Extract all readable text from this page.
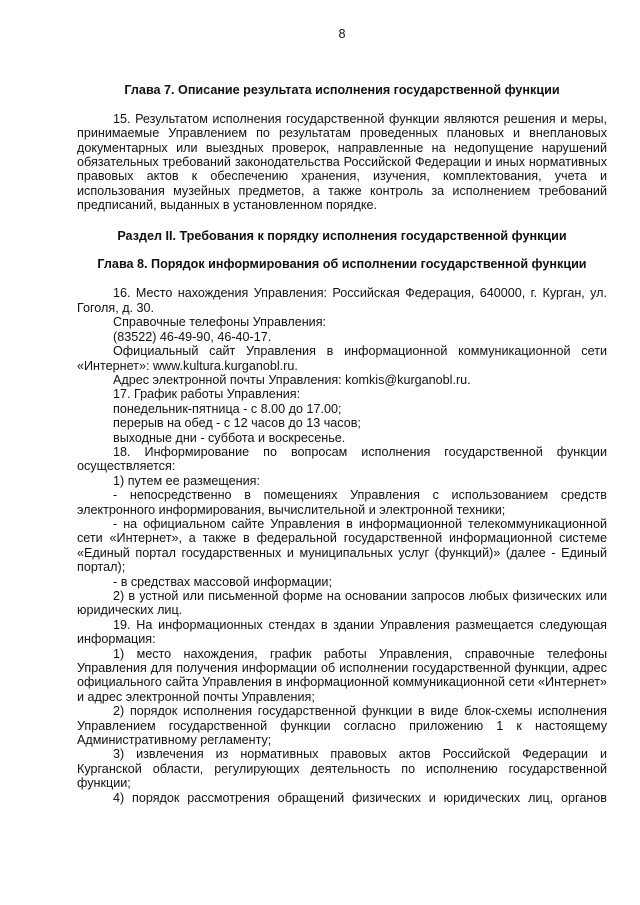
8
Глава 7. Описание результата исполнения государственной функции

15. Результатом исполнения государственной функции являются решения и меры, принимаемые Управлением по результатам проведенных плановых и внеплановых документарных или выездных проверок, направленные на недопущение нарушений обязательных требований законодательства Российской Федерации и иных нормативных правовых актов к обеспечению хранения, изучения, комплектования, учета и использования музейных предметов, а также контроль за исполнением требований предписаний, выданных в установленном порядке.

Раздел II. Требования к порядку исполнения государственной функции
Глава 8. Порядок информирования об исполнении государственной функции

16. Место нахождения Управления: Российская Федерация, 640000, г. Курган, ул. Гоголя, д. 30.

Справочные телефоны Управления:

(83522) 46-49-90, 46-40-17.

Официальный сайт Управления в информационной коммуникационной сети «Интернет»: www.kultura.kurganobl.ru.

Адрес электронной почты Управления: komkis@kurganobl.ru.

17. График работы Управления:

понедельник-пятница - с 8.00 до 17.00;

перерыв на обед - с 12 часов до 13 часов;

выходные дни - суббота и воскресенье.

18. Информирование по вопросам исполнения государственной функции осуществляется:

1) путем ее размещения:

- непосредственно в помещениях Управления с использованием средств электронного информирования, вычислительной и электронной техники;

- на официальном сайте Управления в информационной телекоммуникационной сети «Интернет», а также в федеральной государственной информационной системе «Единый портал государственных и муниципальных услуг (функций)» (далее - Единый портал);

- в средствах массовой информации;

2) в устной или письменной форме на основании запросов любых физических или юридических лиц.

19. На информационных стендах в здании Управления размещается следующая информация:

1) место нахождения, график работы Управления, справочные телефоны Управления для получения информации об исполнении государственной функции, адрес официального сайта Управления в информационной коммуникационной сети «Интернет» и адрес электронной почты Управления;

2) порядок исполнения государственной функции в виде блок-схемы исполнения Управлением государственной функции согласно приложению 1 к настоящему Административному регламенту;

3) извлечения из нормативных правовых актов Российской Федерации и Курганской области, регулирующих деятельность по исполнению государственной функции;

4) порядок рассмотрения обращений физических и юридических лиц, органов
